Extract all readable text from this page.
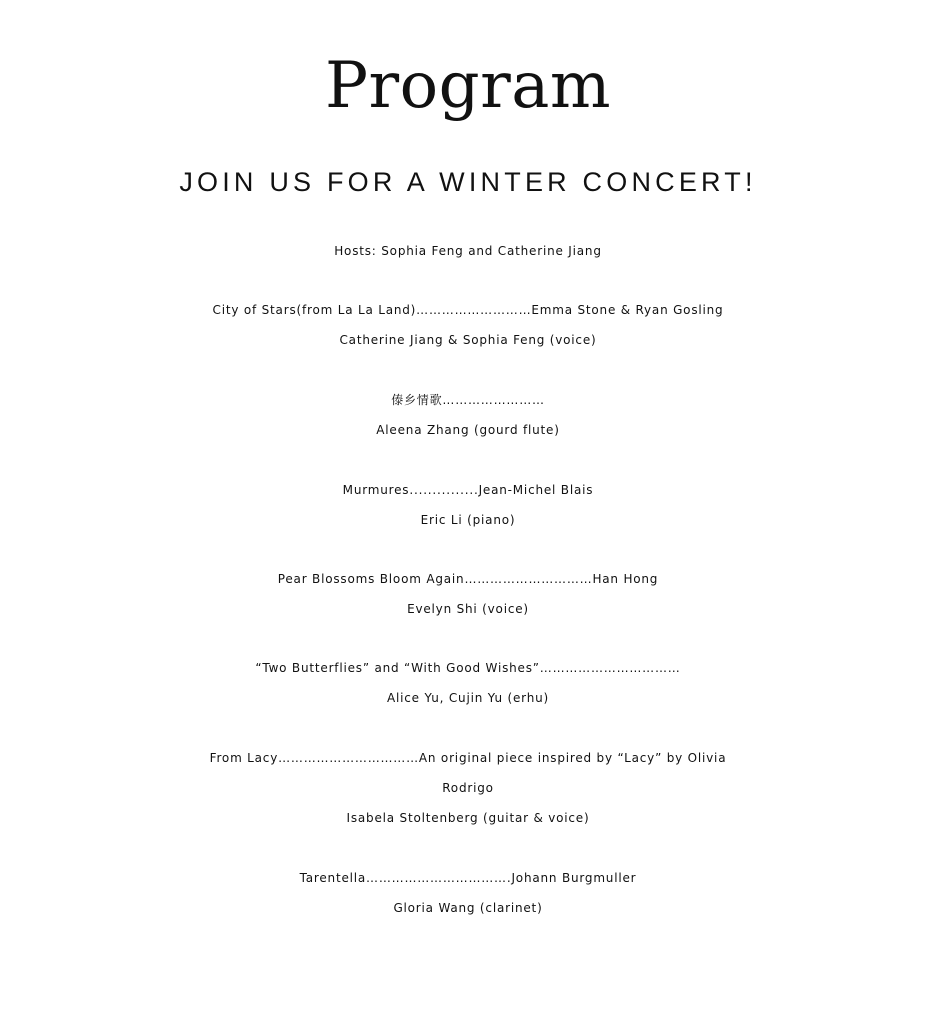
Program
JOIN US FOR A WINTER CONCERT!
Hosts: Sophia Feng and Catherine Jiang
City of Stars(from La La Land)………………………Emma Stone & Ryan Gosling
Catherine Jiang & Sophia Feng (voice)
傣乡情歌……………………
Aleena Zhang (gourd flute)
Murmures...............Jean-Michel Blais
Eric Li (piano)
Pear Blossoms Bloom Again…………………………Han Hong
Evelyn Shi (voice)
“Two Butterflies” and “With Good Wishes”……………………………
Alice Yu, Cujin Yu (erhu)
From Lacy……………………………An original piece inspired by “Lacy” by Olivia
Rodrigo
Isabela Stoltenberg (guitar & voice)
Tarentella…………………………….Johann Burgmuller
Gloria Wang (clarinet)
